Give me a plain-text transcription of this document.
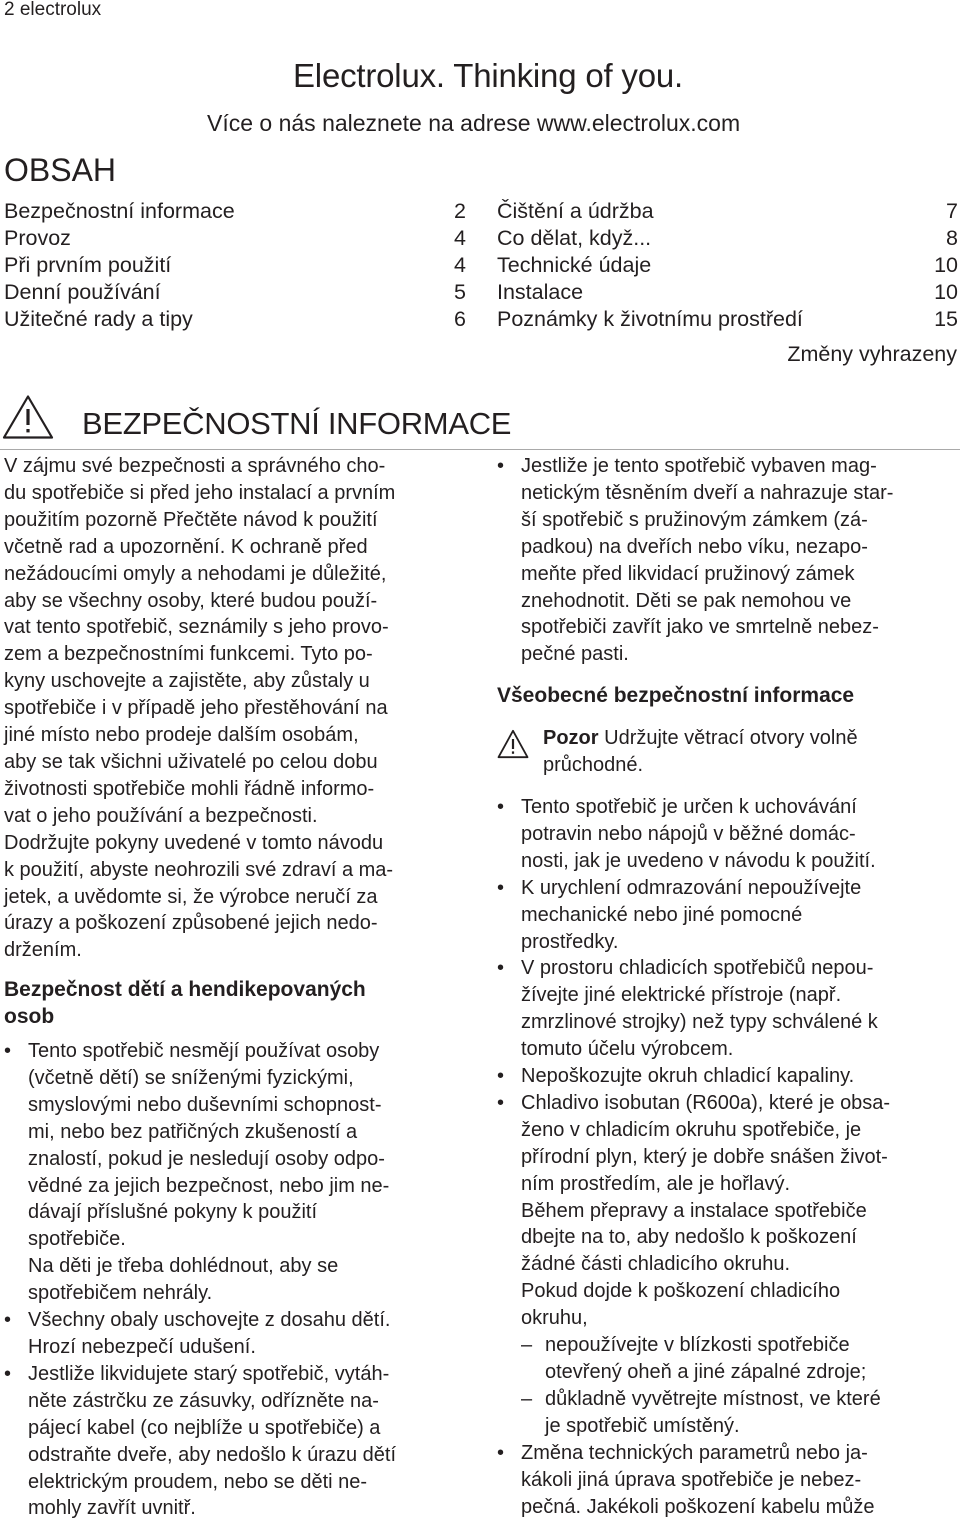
2 electrolux
Electrolux. Thinking of you.
Více o nás naleznete na adrese www.electrolux.com
OBSAH
Bezpečnostní informace	2
Provoz	4
Při prvním použití	4
Denní používání	5
Užitečné rady a tipy	6
Čištění a údržba	7
Co dělat, když...	8
Technické údaje	10
Instalace	10
Poznámky k životnímu prostředí	15
Změny vyhrazeny
BEZPEČNOSTNÍ INFORMACE

V zájmu své bezpečnosti a správného cho-

du spotřebiče si před jeho instalací a prvním

použitím pozorně Přečtěte návod k použití

včetně rad a upozornění. K ochraně před

nežádoucími omyly a nehodami je důležité,

aby se všechny osoby, které budou použí-

vat tento spotřebič, seznámily s jeho provo-

zem a bezpečnostními funkcemi. Tyto po-

kyny uschovejte a zajistěte, aby zůstaly u

spotřebiče i v případě jeho přestěhování na

jiné místo nebo prodeje dalším osobám,

aby se tak všichni uživatelé po celou dobu

životnosti spotřebiče mohli řádně informo-

vat o jeho používání a bezpečnosti.

Dodržujte pokyny uvedené v tomto návodu

k použití, abyste neohrozili své zdraví a ma-

jetek, a uvědomte si, že výrobce neručí za

úrazy a poškození způsobené jejich nedo-

držením.

Bezpečnost dětí a hendikepovaných

osob

• Tento spotřebič nesmějí používat osoby

(včetně dětí) se sníženými fyzickými,

smyslovými nebo duševními schopnost-

mi, nebo bez patřičných zkušeností a

znalostí, pokud je nesledují osoby odpo-

vědné za jejich bezpečnost, nebo jim ne-

dávají příslušné pokyny k použití

spotřebiče.

Na děti je třeba dohlédnout, aby se

spotřebičem nehrály.

• Všechny obaly uschovejte z dosahu dětí.

Hrozí nebezpečí udušení.

• Jestliže likvidujete starý spotřebič, vytáh-

něte zástrčku ze zásuvky, odřízněte na-

pájecí kabel (co nejblíže u spotřebiče) a

odstraňte dveře, aby nedošlo k úrazu dětí

elektrickým proudem, nebo se děti ne-

mohly zavřít uvnitř.

• Jestliže je tento spotřebič vybaven mag-

netickým těsněním dveří a nahrazuje star-

ší spotřebič s pružinovým zámkem (zá-

padkou) na dveřích nebo víku, nezapo-

meňte před likvidací pružinový zámek

znehodnotit. Děti se pak nemohou ve

spotřebiči zavřít jako ve smrtelně nebez-

pečné pasti.

Všeobecné bezpečnostní informace

Pozor Udržujte větrací otvory volně

průchodné.

• Tento spotřebič je určen k uchovávání

potravin nebo nápojů v běžné domác-

nosti, jak je uvedeno v návodu k použití.

• K urychlení odmrazování nepoužívejte

mechanické nebo jiné pomocné

prostředky.

• V prostoru chladicích spotřebičů nepou-

žívejte jiné elektrické přístroje (např.

zmrzlinové strojky) než typy schválené k

tomuto účelu výrobcem.

• Nepoškozujte okruh chladicí kapaliny.

• Chladivo isobutan (R600a), které je obsa-

ženo v chladicím okruhu spotřebiče, je

přírodní plyn, který je dobře snášen život-

ním prostředím, ale je hořlavý.

Během přepravy a instalace spotřebiče

dbejte na to, aby nedošlo k poškození

žádné části chladicího okruhu.

Pokud dojde k poškození chladicího

okruhu,

– nepoužívejte v blízkosti spotřebiče

otevřený oheň a jiné zápalné zdroje;

– důkladně vyvětrejte místnost, ve které

je spotřebič umístěný.

• Změna technických parametrů nebo ja-

kákoli jiná úprava spotřebiče je nebez-

pečná. Jakékoli poškození kabelu může
